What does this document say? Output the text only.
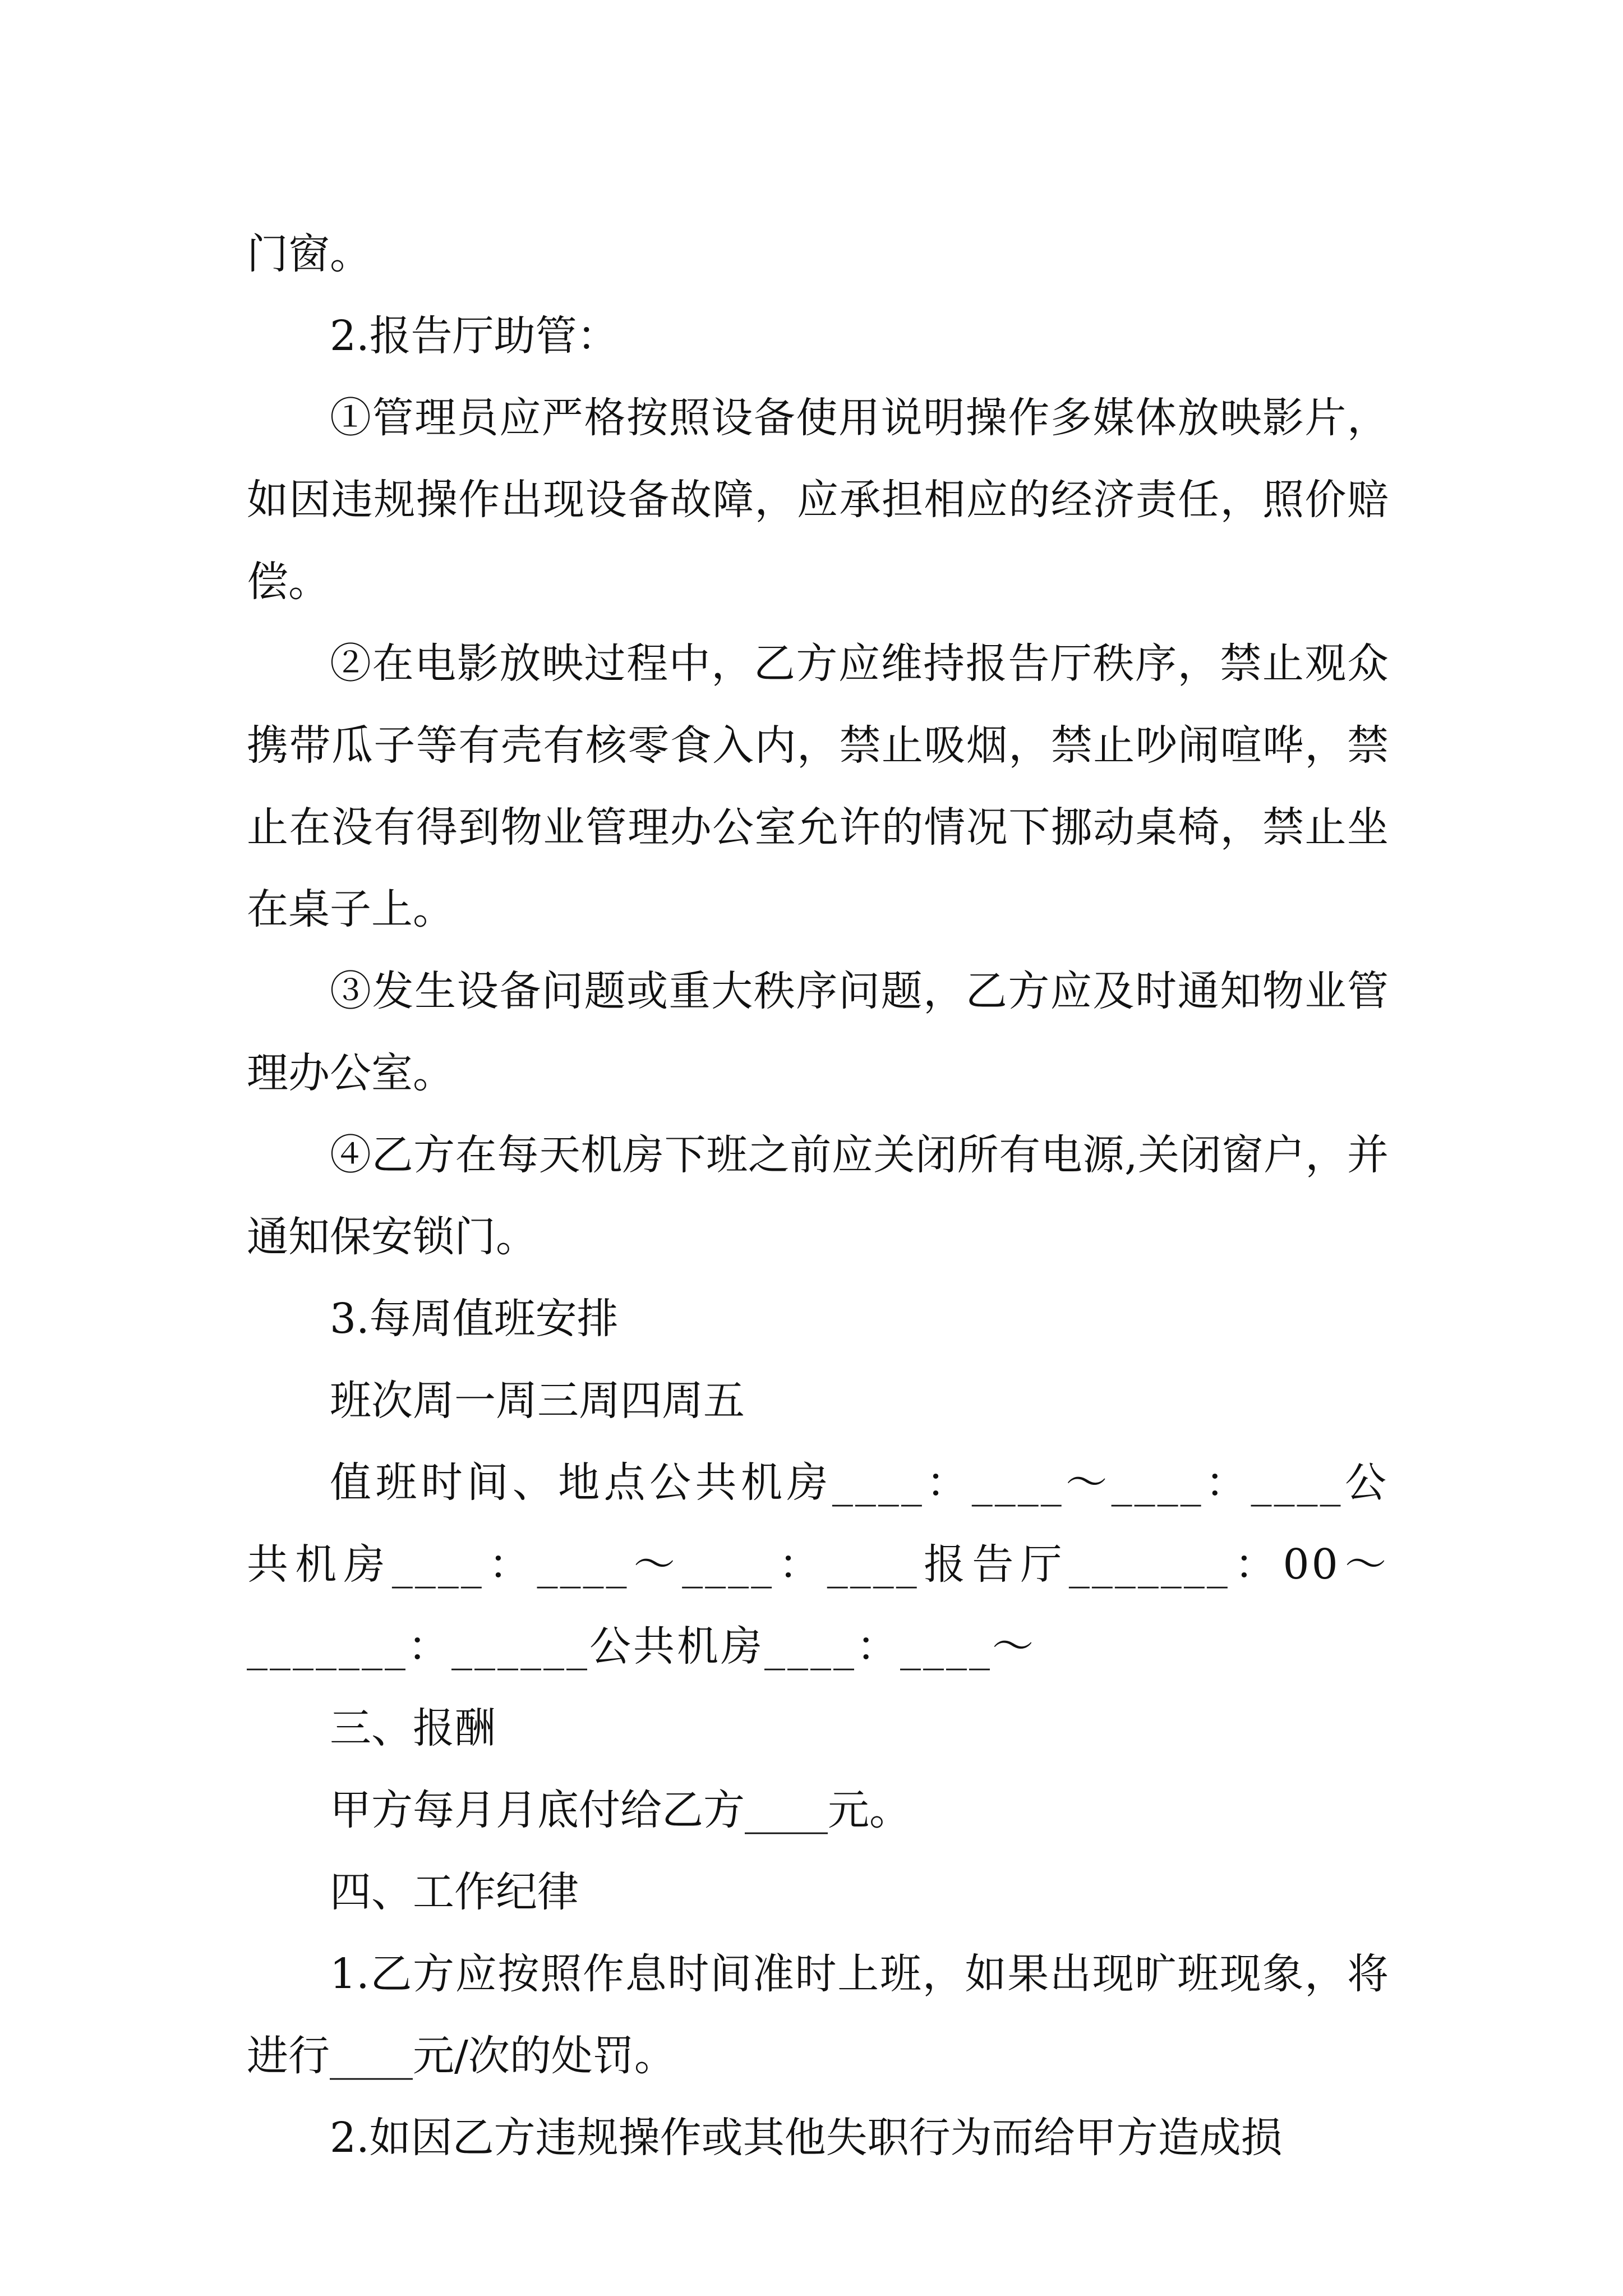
门窗。

2.报告厅助管：

①管理员应严格按照设备使用说明操作多媒体放映影片，如因违规操作出现设备故障，应承担相应的经济责任，照价赔偿。

②在电影放映过程中，乙方应维持报告厅秩序，禁止观众携带瓜子等有壳有核零食入内，禁止吸烟，禁止吵闹喧哗，禁止在没有得到物业管理办公室允许的情况下挪动桌椅，禁止坐在桌子上。

③发生设备问题或重大秩序问题，乙方应及时通知物业管理办公室。

④乙方在每天机房下班之前应关闭所有电源,关闭窗户，并通知保安锁门。

3.每周值班安排

班次周一周三周四周五

值班时间、地点公共机房____：____～____：____公共机房____：____～____：____报告厅_______：00～_______：______公共机房____：____～

三、报酬

甲方每月月底付给乙方____元。

四、工作纪律

1.乙方应按照作息时间准时上班，如果出现旷班现象，将进行____元/次的处罚。

2.如因乙方违规操作或其他失职行为而给甲方造成损
